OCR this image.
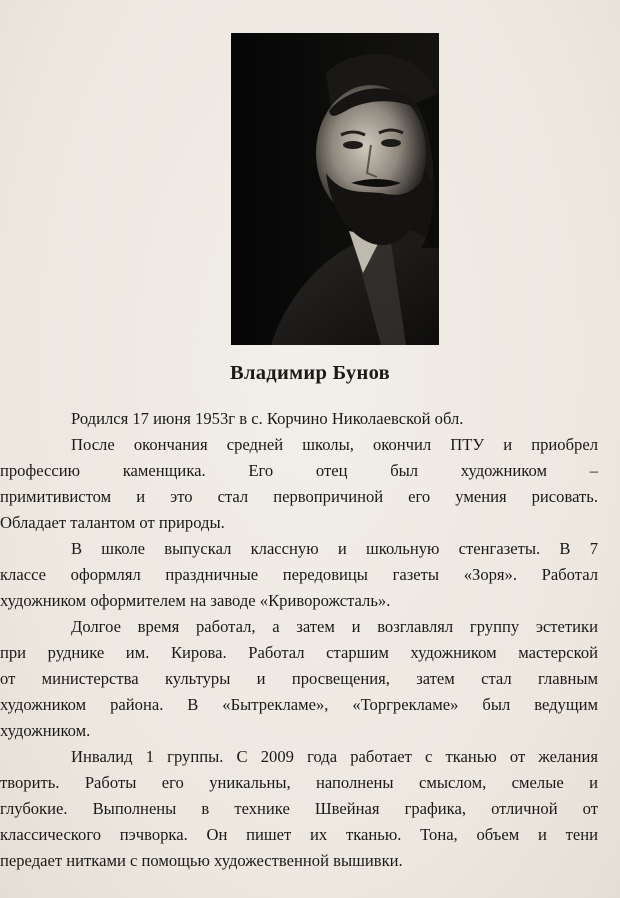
Владимир Бунов
Родился 17 июня 1953г в с. Корчино Николаевской обл.
После окончания средней школы, окончил ПТУ и приобрел
профессию каменщика. Его отец был художником –
примитивистом и это стал первопричиной его умения рисовать.
Обладает талантом от природы.
В школе выпускал классную и школьную стенгазеты. В 7
классе оформлял праздничные передовицы газеты «Зоря». Работал
художником оформителем на заводе «Криворожсталь».
Долгое время работал, а затем и возглавлял группу эстетики
при руднике им. Кирова. Работал старшим художником мастерской
от министерства культуры и просвещения, затем стал главным
художником района. В «Бытрекламе», «Торгрекламе» был ведущим
художником.
Инвалид 1 группы. С 2009 года работает с тканью от желания
творить. Работы его уникальны, наполнены смыслом, смелые и
глубокие. Выполнены в технике Швейная графика, отличной от
классического пэчворка. Он пишет их тканью. Тона, объем и тени
передает нитками с помощью художественной вышивки.
